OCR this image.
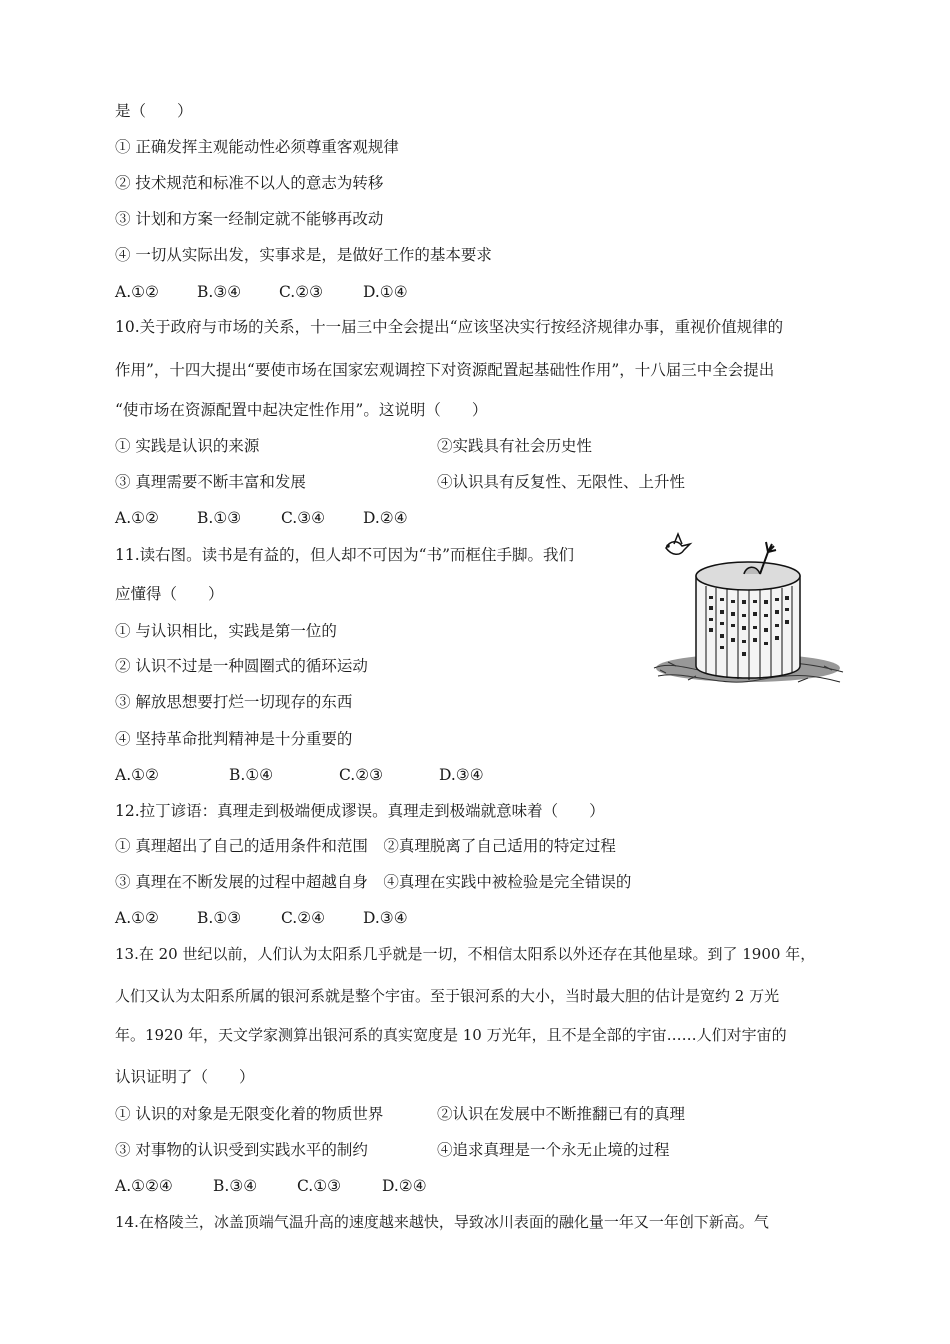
是（　　）
① 正确发挥主观能动性必须尊重客观规律
② 技术规范和标准不以人的意志为转移
③ 计划和方案一经制定就不能够再改动
④ 一切从实际出发，实事求是，是做好工作的基本要求
A.①② B.③④ C.②③	D.①④
10.关于政府与市场的关系，十一届三中全会提出“应该坚决实行按经济规律办事，重视价值规律的
作用”，十四大提出“要使市场在国家宏观调控下对资源配置起基础性作用”，十八届三中全会提出
“使市场在资源配置中起决定性作用”。这说明（　　）
① 实践是认识的来源	②实践具有社会历史性
③ 真理需要不断丰富和发展	④认识具有反复性、无限性、上升性
A.①② B.①③	C.③④ D.②④
11.读右图。读书是有益的，但人却不可因为“书”而框住手脚。我们
应懂得（　　）
① 与认识相比，实践是第一位的
② 认识不过是一种圆圈式的循环运动
③ 解放思想要打烂一切现存的东西
④ 坚持革命批判精神是十分重要的
A.①②	B.①④	C.②③	D.③④
12.拉丁谚语：真理走到极端便成谬误。真理走到极端就意味着（　　）
① 真理超出了自己的适用条件和范围　②真理脱离了自己适用的特定过程
③ 真理在不断发展的过程中超越自身　④真理在实践中被检验是完全错误的
A.①② B.①③	C.②④ D.③④
13.在 20 世纪以前，人们认为太阳系几乎就是一切，不相信太阳系以外还存在其他星球。到了 1900 年，
人们又认为太阳系所属的银河系就是整个宇宙。至于银河系的大小，当时最大胆的估计是宽约 2 万光
年。1920 年，天文学家测算出银河系的真实宽度是 10 万光年，且不是全部的宇宙……人们对宇宙的
认识证明了（　　）
① 认识的对象是无限变化着的物质世界	②认识在发展中不断推翻已有的真理
③ 对事物的认识受到实践水平的制约	④追求真理是一个永无止境的过程
A.①②④	B.③④	C.①③	D.②④
14.在格陵兰，冰盖顶端气温升高的速度越来越快，导致冰川表面的融化量一年又一年创下新高。气
